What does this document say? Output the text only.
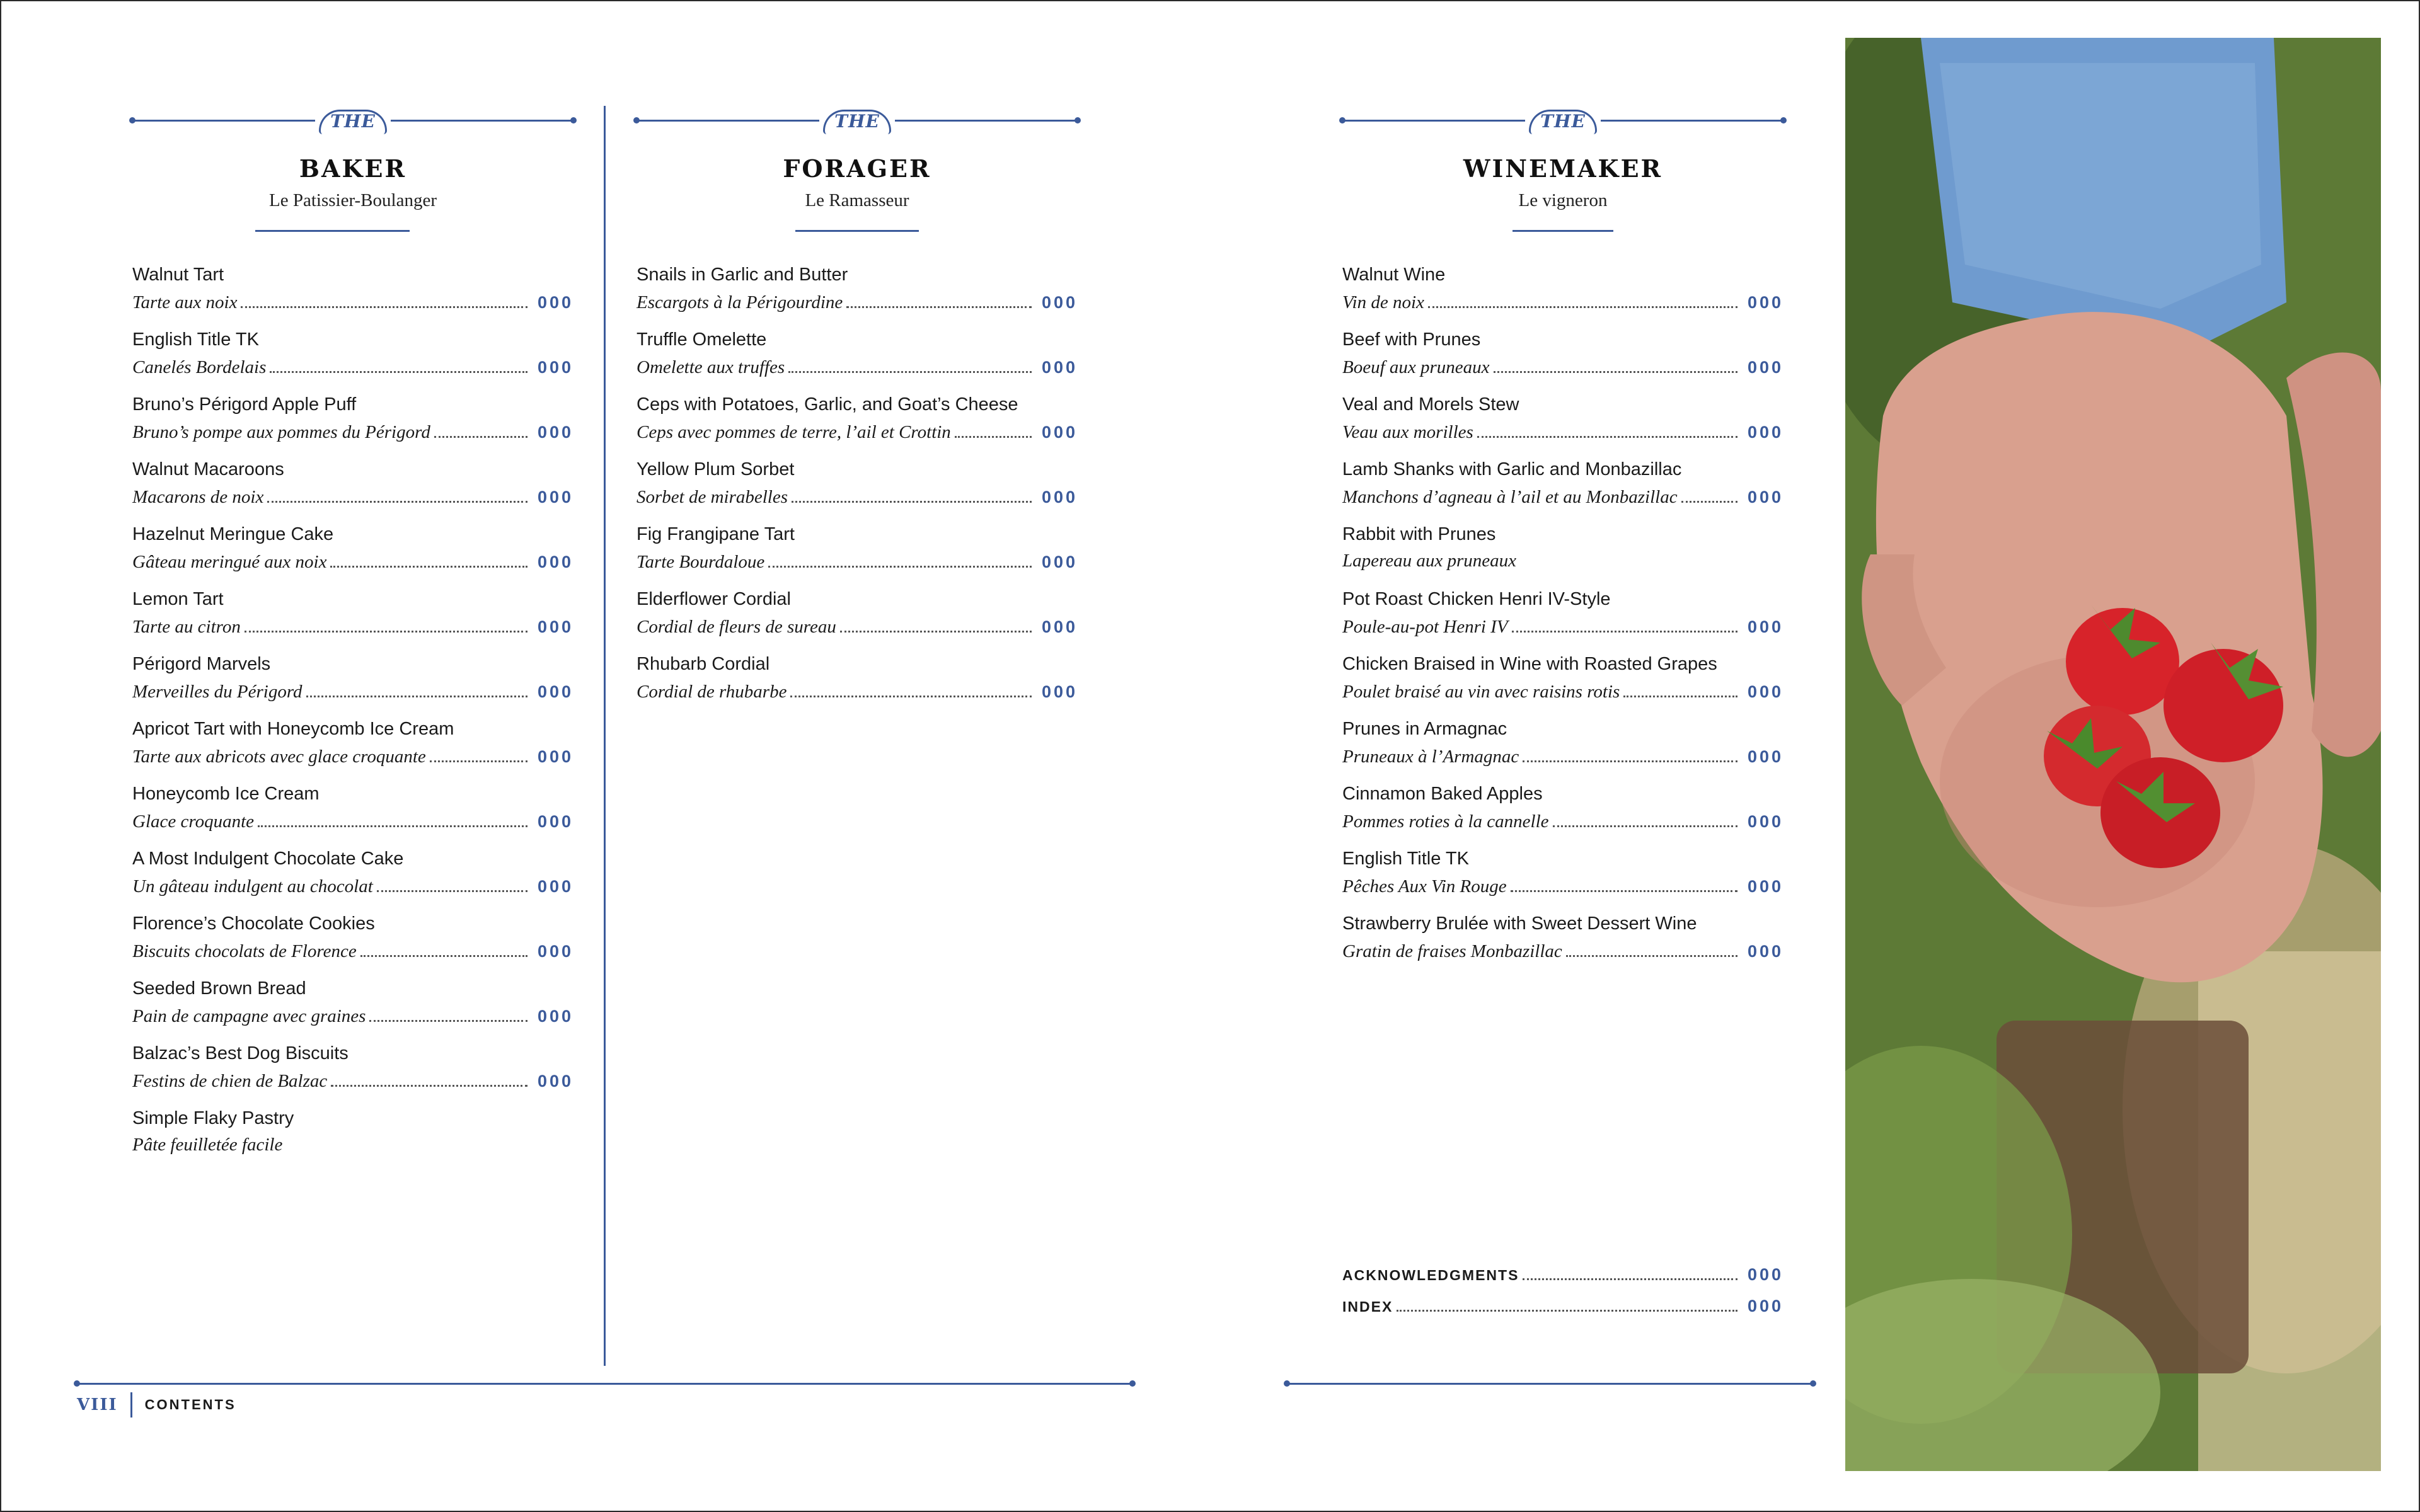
THE
BAKER
Le Patissier-Boulanger
Walnut Tart
Tarte aux noix	000
English Title TK
Canelés Bordelais	000
Bruno’s Périgord Apple Puff
Bruno’s pompe aux pommes du Périgord	000
Walnut Macaroons
Macarons de noix	000
Hazelnut Meringue Cake
Gâteau meringué aux noix	000
Lemon Tart
Tarte au citron	000
Périgord Marvels
Merveilles du Périgord	000
Apricot Tart with Honeycomb Ice Cream
Tarte aux abricots avec glace croquante	000
Honeycomb Ice Cream
Glace croquante	000
A Most Indulgent Chocolate Cake
Un gâteau indulgent au chocolat	000
Florence’s Chocolate Cookies
Biscuits chocolats de Florence	000
Seeded Brown Bread
Pain de campagne avec graines	000
Balzac’s Best Dog Biscuits
Festins de chien de Balzac	000
Simple Flaky Pastry
Pâte feuilletée facile
THE
FORAGER
Le Ramasseur
Snails in Garlic and Butter
Escargots à la Périgourdine	000
Truffle Omelette
Omelette aux truffes	000
Ceps with Potatoes, Garlic, and Goat’s Cheese
Ceps avec pommes de terre, l’ail et Crottin	000
Yellow Plum Sorbet
Sorbet de mirabelles	000
Fig Frangipane Tart
Tarte Bourdaloue	000
Elderflower Cordial
Cordial de fleurs de sureau	000
Rhubarb Cordial
Cordial de rhubarbe	000
THE
WINEMAKER
Le vigneron
Walnut Wine
Vin de noix	000
Beef with Prunes
Boeuf aux pruneaux	000
Veal and Morels Stew
Veau aux morilles	000
Lamb Shanks with Garlic and Monbazillac
Manchons d’agneau à l’ail et au Monbazillac	000
Rabbit with Prunes
Lapereau aux pruneaux
Pot Roast Chicken Henri IV-Style
Poule-au-pot Henri IV	000
Chicken Braised in Wine with Roasted Grapes
Poulet braisé au vin avec raisins rotis	000
Prunes in Armagnac
Pruneaux à l’Armagnac	000
Cinnamon Baked Apples
Pommes roties à la cannelle	000
English Title TK
Pêches Aux Vin Rouge	000
Strawberry Brulée with Sweet Dessert Wine
Gratin de fraises Monbazillac	000
ACKNOWLEDGMENTS	000
INDEX	000
VIII CONTENTS
